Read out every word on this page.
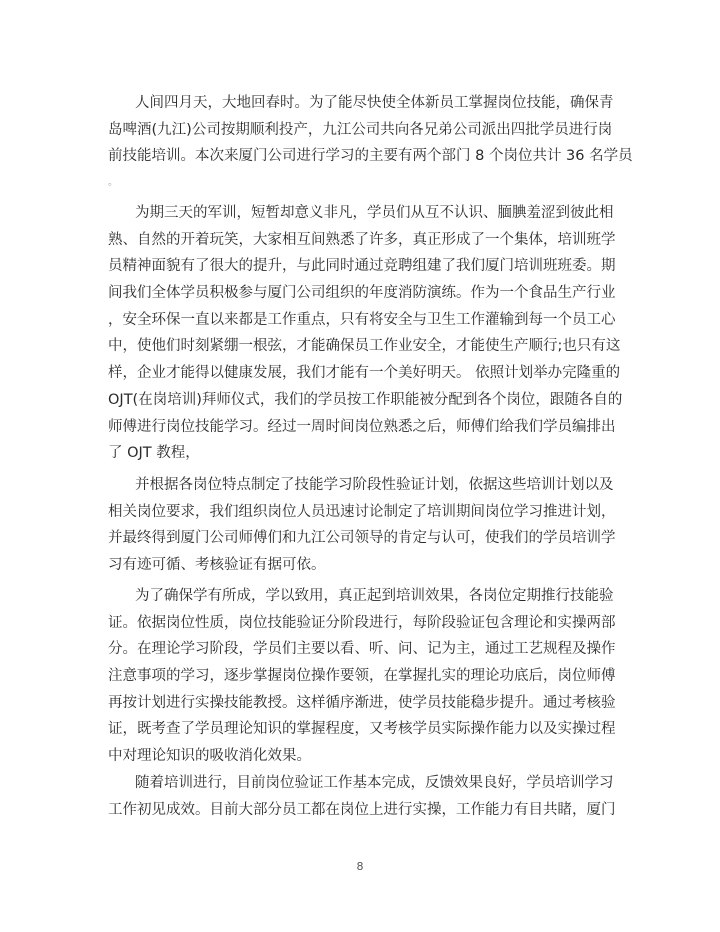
人间四月天，大地回春时。为了能尽快使全体新员工掌握岗位技能，确保青
岛啤酒(九江)公司按期顺利投产，九江公司共向各兄弟公司派出四批学员进行岗
前技能培训。本次来厦门公司进行学习的主要有两个部门 8 个岗位共计 36 名学员
。
为期三天的军训，短暂却意义非凡，学员们从互不认识、腼腆羞涩到彼此相
熟、自然的开着玩笑，大家相互间熟悉了许多，真正形成了一个集体，培训班学
员精神面貌有了很大的提升，与此同时通过竞聘组建了我们厦门培训班班委。期
间我们全体学员积极参与厦门公司组织的年度消防演练。作为一个食品生产行业
，安全环保一直以来都是工作重点，只有将安全与卫生工作灌输到每一个员工心
中，使他们时刻紧绷一根弦，才能确保员工作业安全，才能使生产顺行;也只有这
样，企业才能得以健康发展，我们才能有一个美好明天。 依照计划举办完隆重的
OJT(在岗培训)拜师仪式，我们的学员按工作职能被分配到各个岗位，跟随各自的
师傅进行岗位技能学习。经过一周时间岗位熟悉之后，师傅们给我们学员编排出
了 OJT 教程，
并根据各岗位特点制定了技能学习阶段性验证计划，依据这些培训计划以及
相关岗位要求，我们组织岗位人员迅速讨论制定了培训期间岗位学习推进计划，
并最终得到厦门公司师傅们和九江公司领导的肯定与认可，使我们的学员培训学
习有迹可循、考核验证有据可依。
为了确保学有所成，学以致用，真正起到培训效果，各岗位定期推行技能验
证。依据岗位性质，岗位技能验证分阶段进行，每阶段验证包含理论和实操两部
分。在理论学习阶段，学员们主要以看、听、问、记为主，通过工艺规程及操作
注意事项的学习，逐步掌握岗位操作要领，在掌握扎实的理论功底后，岗位师傅
再按计划进行实操技能教授。这样循序渐进，使学员技能稳步提升。通过考核验
证，既考查了学员理论知识的掌握程度，又考核学员实际操作能力以及实操过程
中对理论知识的吸收消化效果。
随着培训进行，目前岗位验证工作基本完成，反馈效果良好，学员培训学习
工作初见成效。目前大部分员工都在岗位上进行实操，工作能力有目共睹，厦门
8
